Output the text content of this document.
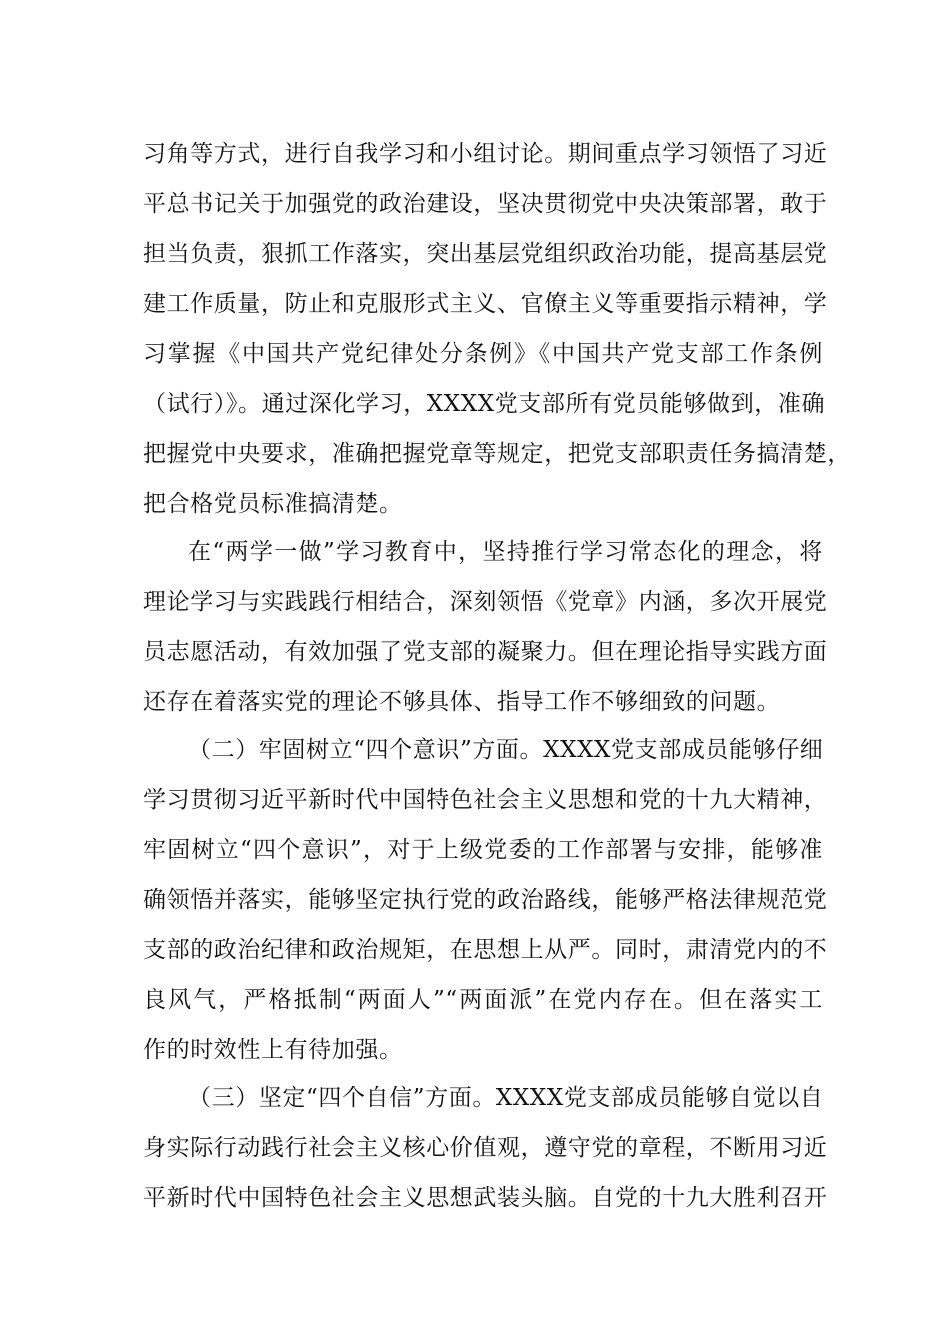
习角等方式，进行自我学习和小组讨论。期间重点学习领悟了习近
平总书记关于加强党的政治建设，坚决贯彻党中央决策部署，敢于
担当负责，狠抓工作落实，突出基层党组织政治功能，提高基层党
建工作质量，防止和克服形式主义、官僚主义等重要指示精神，学
习掌握《中国共产党纪律处分条例》《中国共产党支部工作条例
（试行）》。通过深化学习，XXXX党支部所有党员能够做到，准确
把握党中央要求，准确把握党章等规定，把党支部职责任务搞清楚，
把合格党员标准搞清楚。
在“两学一做”学习教育中，坚持推行学习常态化的理念，将
理论学习与实践践行相结合，深刻领悟《党章》内涵，多次开展党
员志愿活动，有效加强了党支部的凝聚力。但在理论指导实践方面
还存在着落实党的理论不够具体、指导工作不够细致的问题。
（二）牢固树立“四个意识”方面。XXXX党支部成员能够仔细
学习贯彻习近平新时代中国特色社会主义思想和党的十九大精神，
牢固树立“四个意识”，对于上级党委的工作部署与安排，能够准
确领悟并落实，能够坚定执行党的政治路线，能够严格法律规范党
支部的政治纪律和政治规矩，在思想上从严。同时，肃清党内的不
良风气，严格抵制“两面人”“两面派”在党内存在。但在落实工
作的时效性上有待加强。
（三）坚定“四个自信”方面。XXXX党支部成员能够自觉以自
身实际行动践行社会主义核心价值观，遵守党的章程，不断用习近
平新时代中国特色社会主义思想武装头脑。自党的十九大胜利召开
